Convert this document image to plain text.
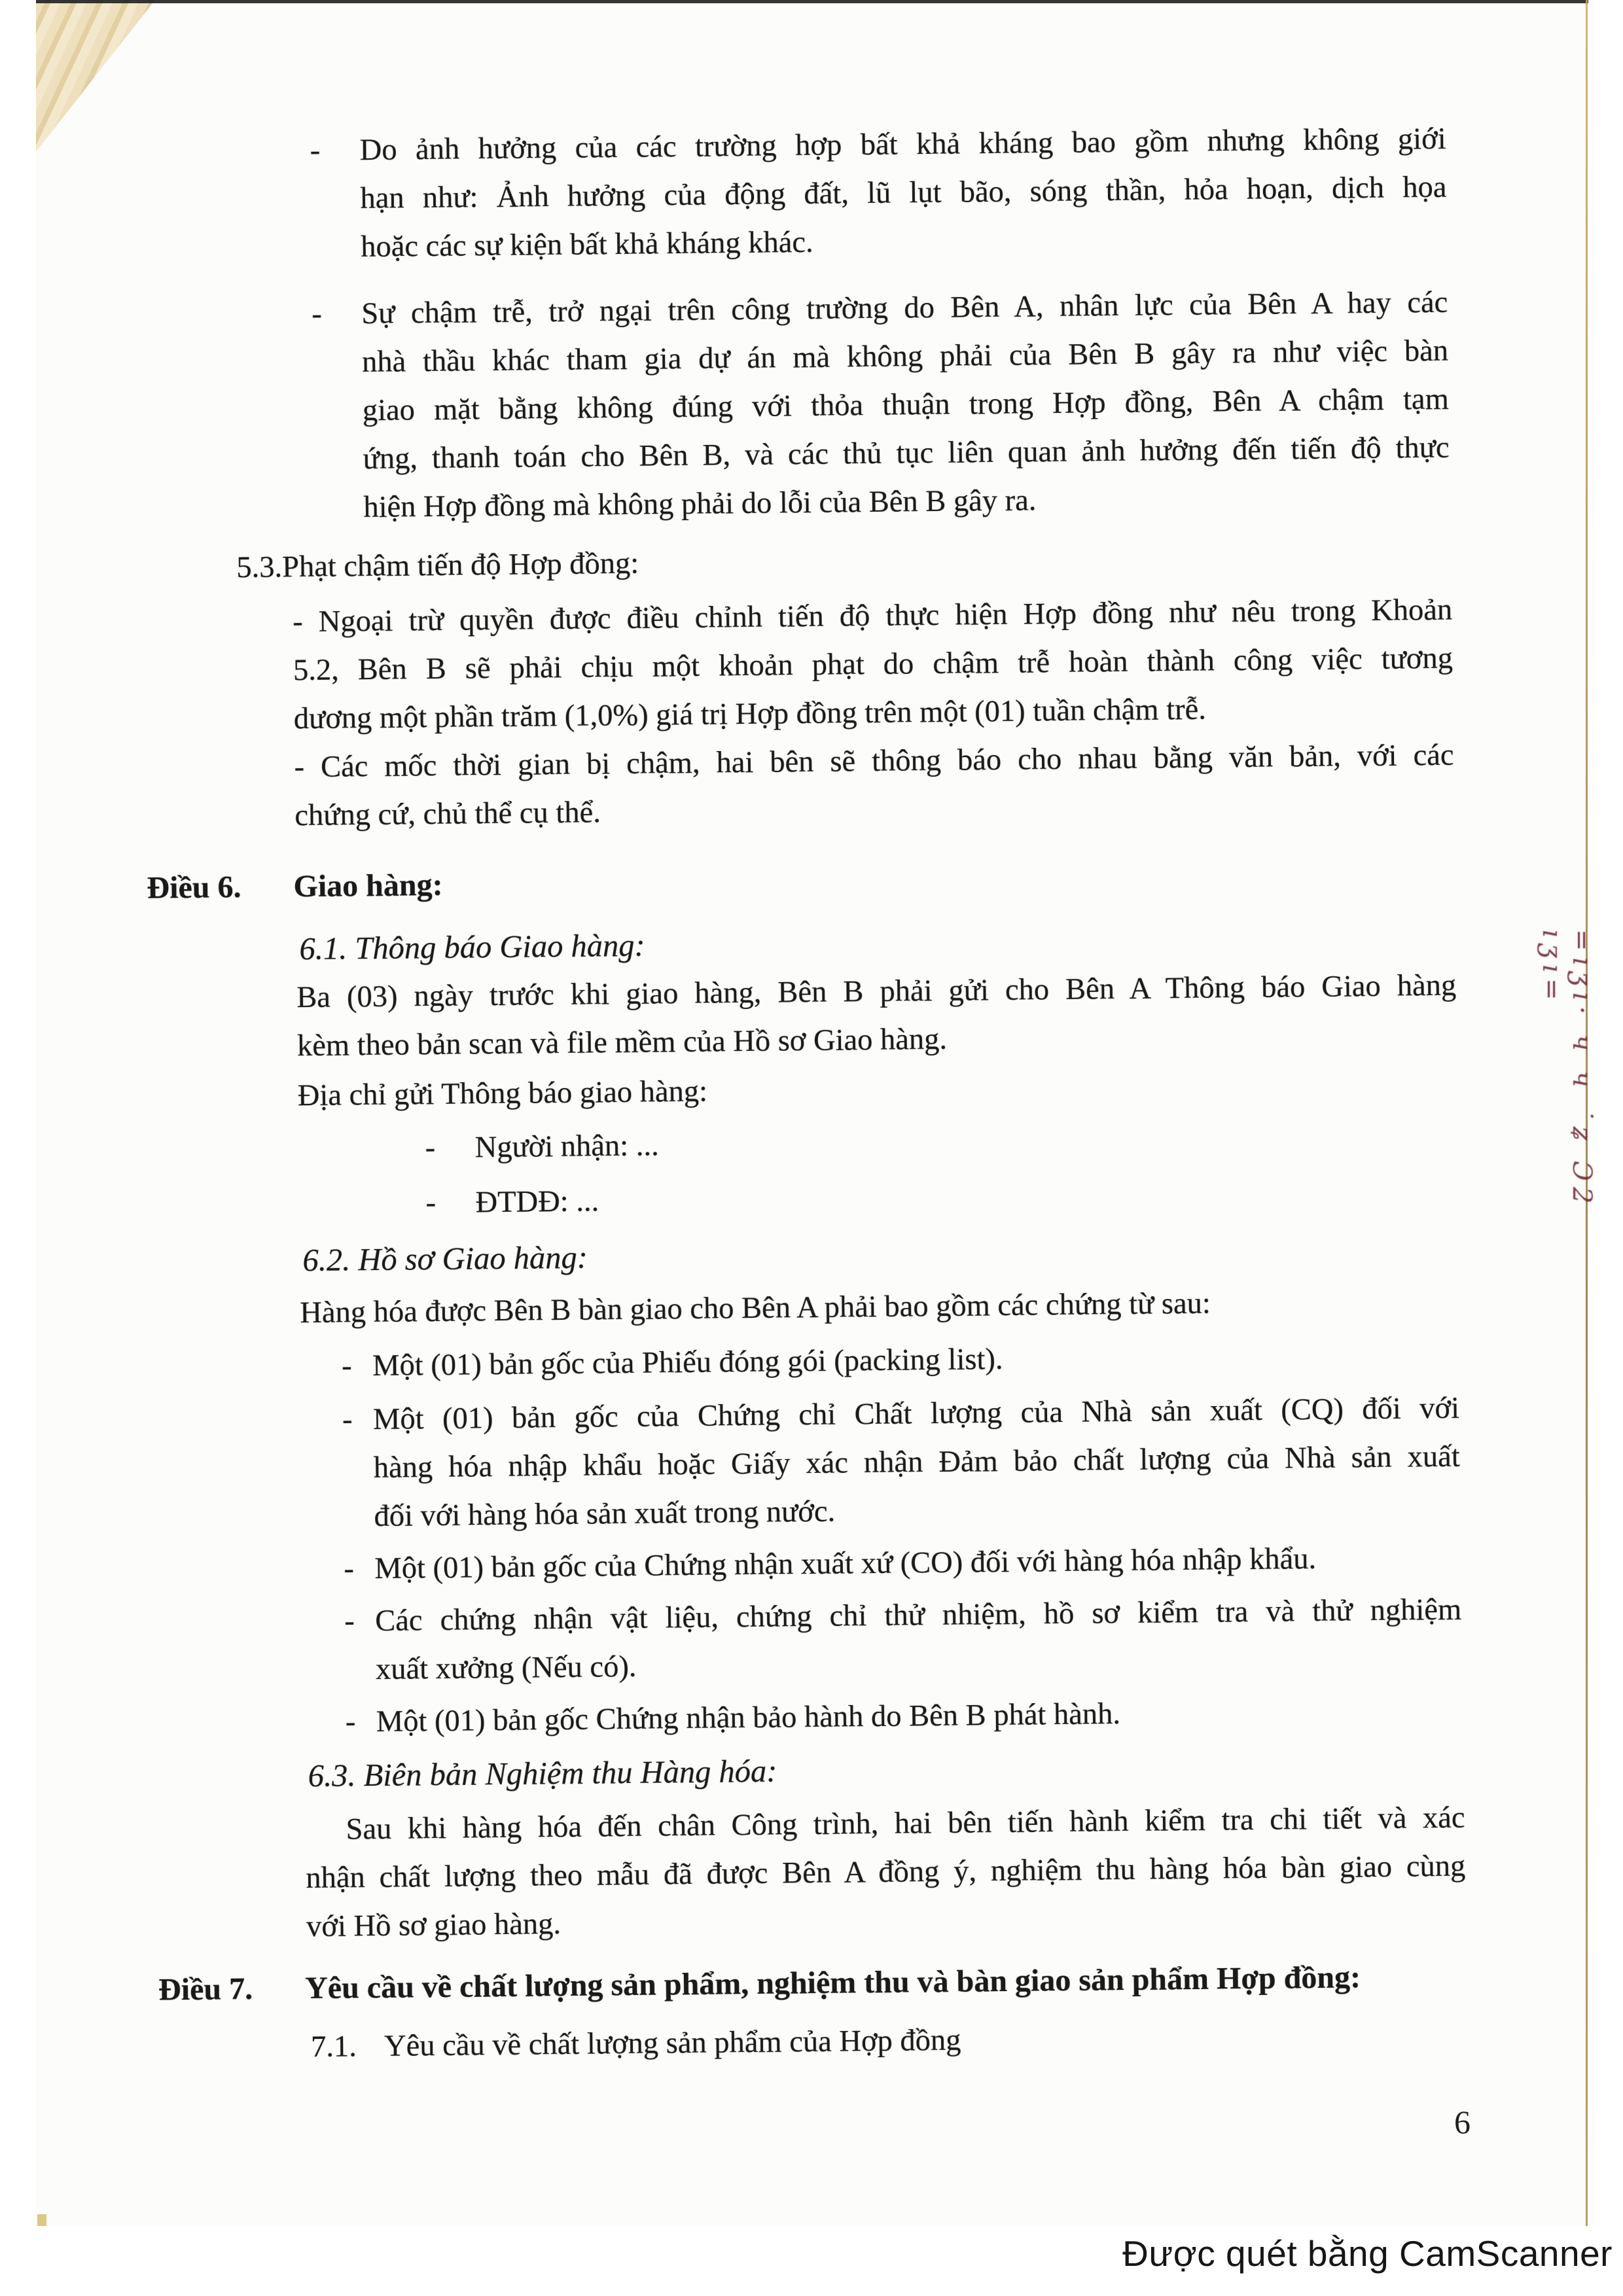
- Do ảnh hưởng của các trường hợp bất khả kháng bao gồm nhưng không giới
hạn như: Ảnh hưởng của động đất, lũ lụt bão, sóng thần, hỏa hoạn, dịch họa
hoặc các sự kiện bất khả kháng khác.
- Sự chậm trễ, trở ngại trên công trường do Bên A, nhân lực của Bên A hay các
nhà thầu khác tham gia dự án mà không phải của Bên B gây ra như việc bàn
giao mặt bằng không đúng với thỏa thuận trong Hợp đồng, Bên A chậm tạm
ứng, thanh toán cho Bên B, và các thủ tục liên quan ảnh hưởng đến tiến độ thực
hiện Hợp đồng mà không phải do lỗi của Bên B gây ra.
5.3.Phạt chậm tiến độ Hợp đồng:
- Ngoại trừ quyền được điều chỉnh tiến độ thực hiện Hợp đồng như nêu trong Khoản
5.2, Bên B sẽ phải chịu một khoản phạt do chậm trễ hoàn thành công việc tương
dương một phần trăm (1,0%) giá trị Hợp đồng trên một (01) tuần chậm trễ.
- Các mốc thời gian bị chậm, hai bên sẽ thông báo cho nhau bằng văn bản, với các
chứng cứ, chủ thể cụ thể.
Điều 6. Giao hàng:
6.1. Thông báo Giao hàng:
Ba (03) ngày trước khi giao hàng, Bên B phải gửi cho Bên A Thông báo Giao hàng
kèm theo bản scan và file mềm của Hồ sơ Giao hàng.
Địa chỉ gửi Thông báo giao hàng:
- Người nhận: ...
- ĐTDĐ: ...
6.2. Hồ sơ Giao hàng:
Hàng hóa được Bên B bàn giao cho Bên A phải bao gồm các chứng từ sau:
- Một (01) bản gốc của Phiếu đóng gói (packing list).
- Một (01) bản gốc của Chứng chỉ Chất lượng của Nhà sản xuất (CQ) đối với
hàng hóa nhập khẩu hoặc Giấy xác nhận Đảm bảo chất lượng của Nhà sản xuất
đối với hàng hóa sản xuất trong nước.
- Một (01) bản gốc của Chứng nhận xuất xứ (CO) đối với hàng hóa nhập khẩu.
- Các chứng nhận vật liệu, chứng chỉ thử nhiệm, hồ sơ kiểm tra và thử nghiệm
xuất xưởng (Nếu có).
- Một (01) bản gốc Chứng nhận bảo hành do Bên B phát hành.
6.3. Biên bản Nghiệm thu Hàng hóa:
Sau khi hàng hóa đến chân Công trình, hai bên tiến hành kiểm tra chi tiết và xác
nhận chất lượng theo mẫu đã được Bên A đồng ý, nghiệm thu hàng hóa bàn giao cùng
với Hồ sơ giao hàng.
Điều 7. Yêu cầu về chất lượng sản phẩm, nghiệm thu và bàn giao sản phẩm Hợp đồng:
7.1. Yêu cầu về chất lượng sản phẩm của Hợp đồng
=ıʒı· ч ч ˙ʑ Ɔ2 ıʒı=
6
Được quét bằng CamScanner
